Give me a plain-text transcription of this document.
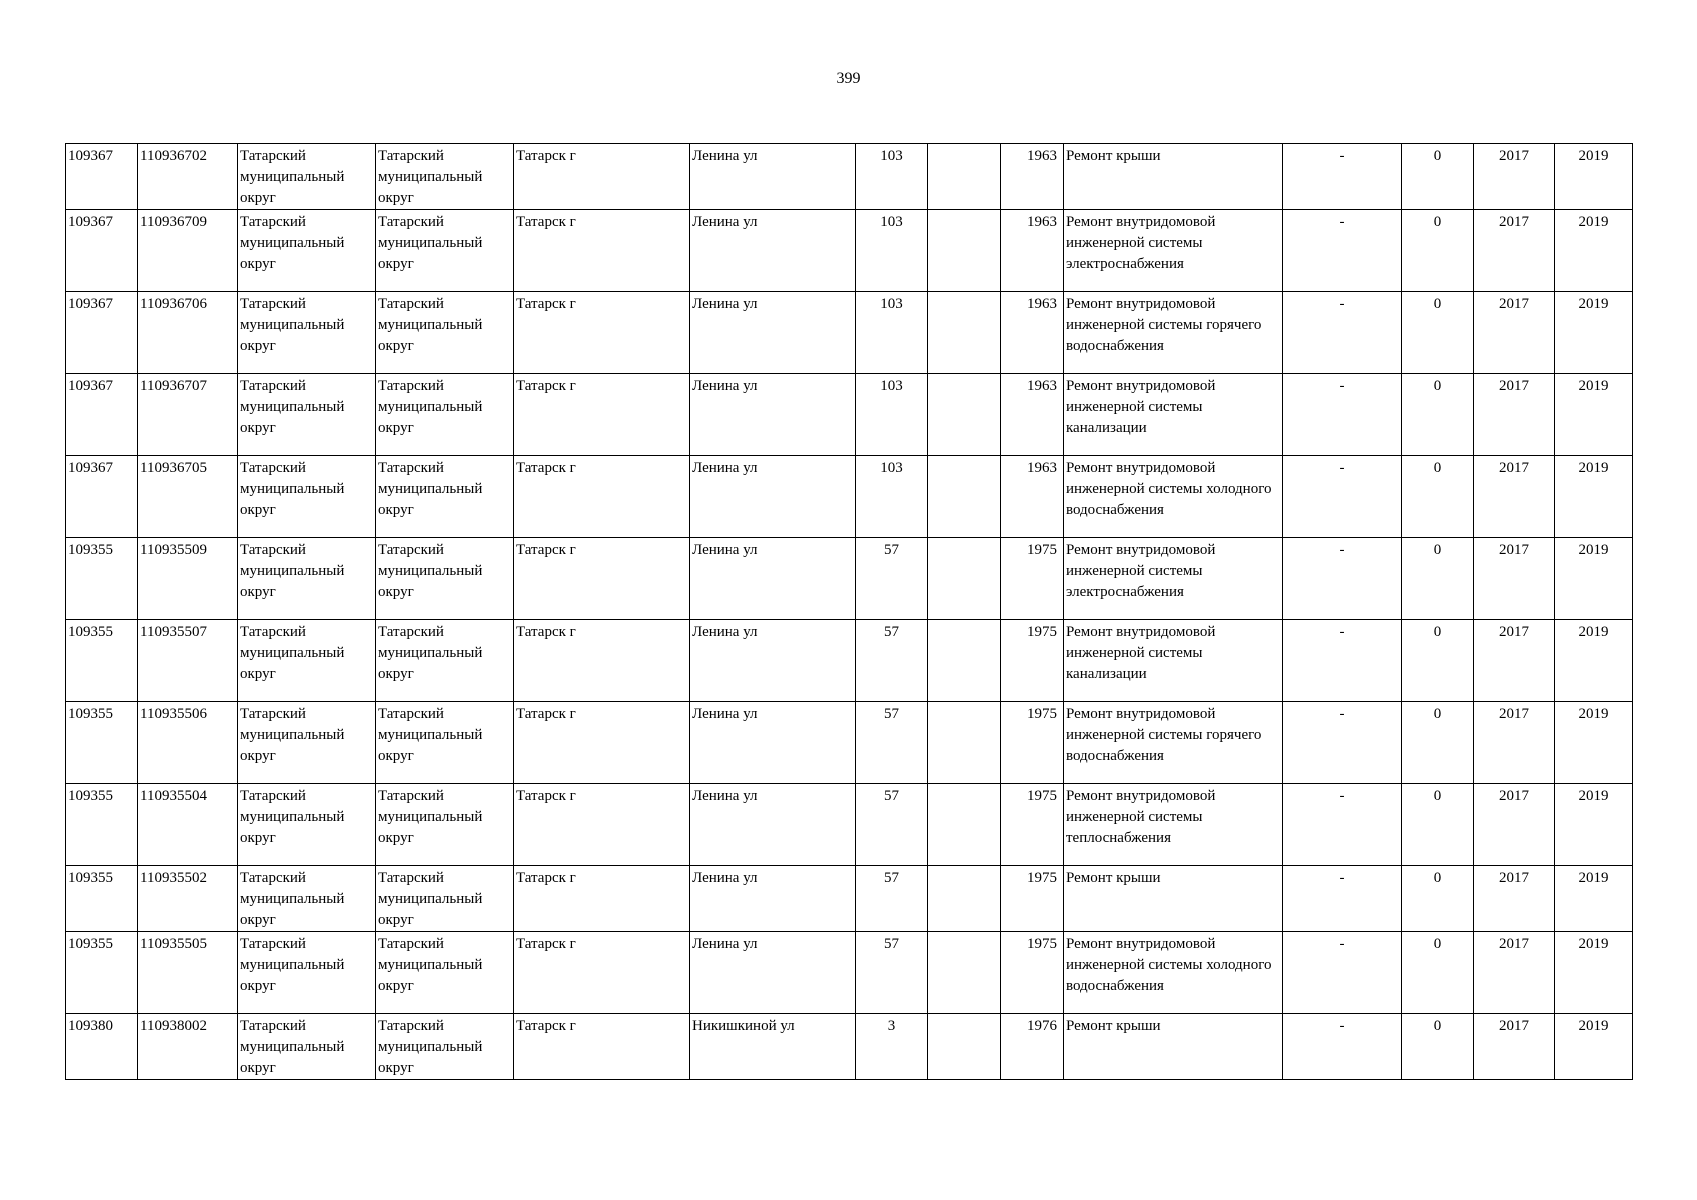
399
109367	110936702	Татарский муниципальный округ	Татарский муниципальный округ	Татарск г	Ленина ул	103		1963	Ремонт крыши	-	0	2017	2019
109367	110936709	Татарский муниципальный округ	Татарский муниципальный округ	Татарск г	Ленина ул	103		1963	Ремонт внутридомовой инженерной системы электроснабжения	-	0	2017	2019
109367	110936706	Татарский муниципальный округ	Татарский муниципальный округ	Татарск г	Ленина ул	103		1963	Ремонт внутридомовой инженерной системы горячего водоснабжения	-	0	2017	2019
109367	110936707	Татарский муниципальный округ	Татарский муниципальный округ	Татарск г	Ленина ул	103		1963	Ремонт внутридомовой инженерной системы канализации	-	0	2017	2019
109367	110936705	Татарский муниципальный округ	Татарский муниципальный округ	Татарск г	Ленина ул	103		1963	Ремонт внутридомовой инженерной системы холодного водоснабжения	-	0	2017	2019
109355	110935509	Татарский муниципальный округ	Татарский муниципальный округ	Татарск г	Ленина ул	57		1975	Ремонт внутридомовой инженерной системы электроснабжения	-	0	2017	2019
109355	110935507	Татарский муниципальный округ	Татарский муниципальный округ	Татарск г	Ленина ул	57		1975	Ремонт внутридомовой инженерной системы канализации	-	0	2017	2019
109355	110935506	Татарский муниципальный округ	Татарский муниципальный округ	Татарск г	Ленина ул	57		1975	Ремонт внутридомовой инженерной системы горячего водоснабжения	-	0	2017	2019
109355	110935504	Татарский муниципальный округ	Татарский муниципальный округ	Татарск г	Ленина ул	57		1975	Ремонт внутридомовой инженерной системы теплоснабжения	-	0	2017	2019
109355	110935502	Татарский муниципальный округ	Татарский муниципальный округ	Татарск г	Ленина ул	57		1975	Ремонт крыши	-	0	2017	2019
109355	110935505	Татарский муниципальный округ	Татарский муниципальный округ	Татарск г	Ленина ул	57		1975	Ремонт внутридомовой инженерной системы холодного водоснабжения	-	0	2017	2019
109380	110938002	Татарский муниципальный округ	Татарский муниципальный округ	Татарск г	Никишкиной ул	3		1976	Ремонт крыши	-	0	2017	2019
